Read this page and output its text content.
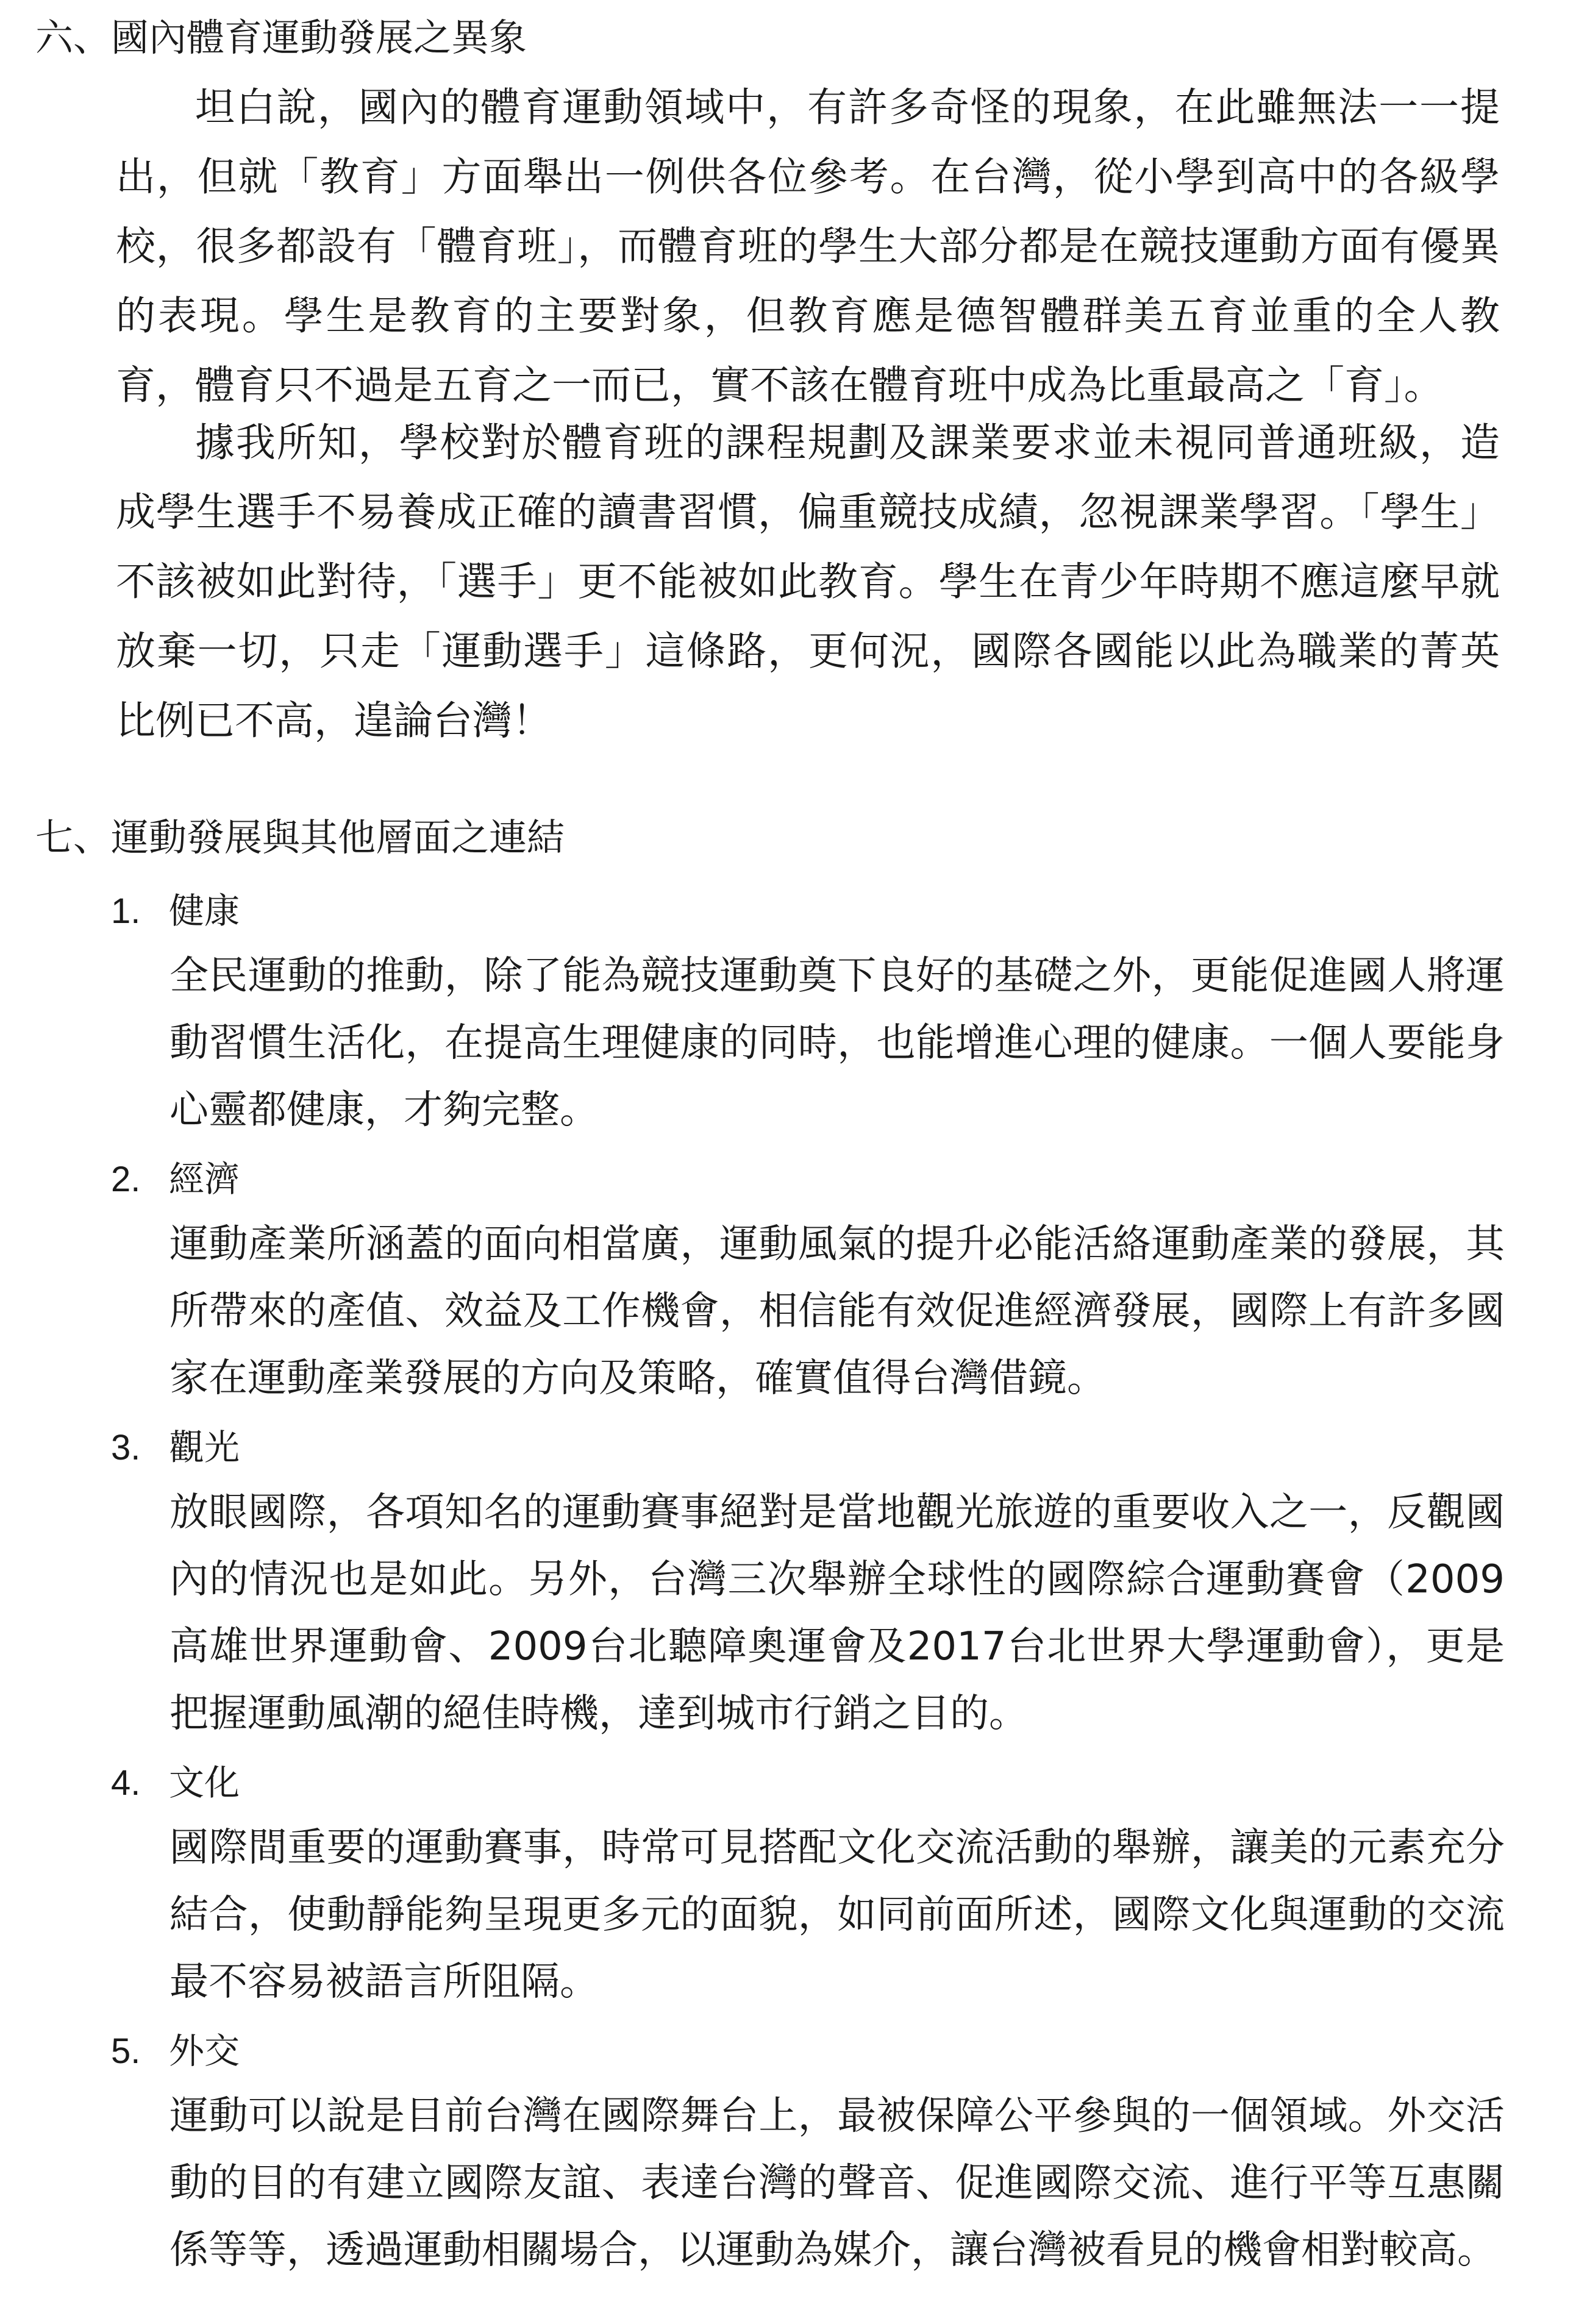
六、國內體育運動發展之異象
坦白說，國內的體育運動領域中，有許多奇怪的現象，在此雖無法一一提出，但就「教育」方面舉出一例供各位參考。在台灣，從小學到高中的各級學校，很多都設有「體育班」，而體育班的學生大部分都是在競技運動方面有優異的表現。學生是教育的主要對象，但教育應是德智體群美五育並重的全人教育，體育只不過是五育之一而已，實不該在體育班中成為比重最高之「育」。
據我所知，學校對於體育班的課程規劃及課業要求並未視同普通班級，造成學生選手不易養成正確的讀書習慣，偏重競技成績，忽視課業學習。「學生」不該被如此對待，「選手」更不能被如此教育。學生在青少年時期不應這麼早就放棄一切，只走「運動選手」這條路，更何況，國際各國能以此為職業的菁英比例已不高，遑論台灣！
七、運動發展與其他層面之連結
1. 健康
全民運動的推動，除了能為競技運動奠下良好的基礎之外，更能促進國人將運動習慣生活化，在提高生理健康的同時，也能增進心理的健康。一個人要能身心靈都健康，才夠完整。
2. 經濟
運動產業所涵蓋的面向相當廣，運動風氣的提升必能活絡運動產業的發展，其所帶來的產值、效益及工作機會，相信能有效促進經濟發展，國際上有許多國家在運動產業發展的方向及策略，確實值得台灣借鏡。
3. 觀光
放眼國際，各項知名的運動賽事絕對是當地觀光旅遊的重要收入之一，反觀國內的情況也是如此。另外，台灣三次舉辦全球性的國際綜合運動賽會（2009高雄世界運動會、2009台北聽障奧運會及2017台北世界大學運動會），更是把握運動風潮的絕佳時機，達到城市行銷之目的。
4. 文化
國際間重要的運動賽事，時常可見搭配文化交流活動的舉辦，讓美的元素充分結合，使動靜能夠呈現更多元的面貌，如同前面所述，國際文化與運動的交流最不容易被語言所阻隔。
5. 外交
運動可以說是目前台灣在國際舞台上，最被保障公平參與的一個領域。外交活動的目的有建立國際友誼、表達台灣的聲音、促進國際交流、進行平等互惠關係等等，透過運動相關場合，以運動為媒介，讓台灣被看見的機會相對較高。
